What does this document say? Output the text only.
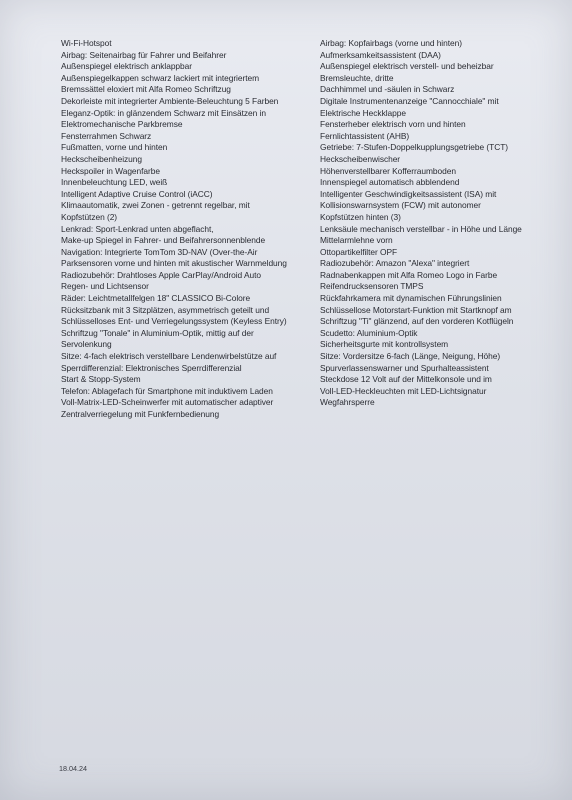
Wi-Fi-Hotspot
Airbag: Seitenairbag für Fahrer und Beifahrer
Außenspiegel elektrisch anklappbar
Außenspiegelkappen schwarz lackiert mit integriertem
Bremssättel eloxiert mit Alfa Romeo Schriftzug
Dekorleiste mit integrierter Ambiente-Beleuchtung 5 Farben
Eleganz-Optik: in glänzendem Schwarz mit Einsätzen in
Elektromechanische Parkbremse
Fensterrahmen Schwarz
Fußmatten, vorne und hinten
Heckscheibenheizung
Heckspoiler in Wagenfarbe
Innenbeleuchtung LED, weiß
Intelligent Adaptive Cruise Control (iACC)
Klimaautomatik, zwei Zonen - getrennt regelbar, mit
Kopfstützen (2)
Lenkrad: Sport-Lenkrad unten abgeflacht,
Make-up Spiegel in Fahrer- und Beifahrersonnenblende
Navigation: Integrierte TomTom 3D-NAV (Over-the-Air
Parksensoren vorne und hinten mit akustischer Warnmeldung
Radiozubehör: Drahtloses Apple CarPlay/Android Auto
Regen- und Lichtsensor
Räder: Leichtmetallfelgen 18" CLASSICO Bi-Colore
Rücksitzbank mit 3 Sitzplätzen, asymmetrisch geteilt und
Schlüsselloses Ent- und Verriegelungssystem (Keyless Entry)
Schriftzug "Tonale" in Aluminium-Optik, mittig auf der
Servolenkung
Sitze: 4-fach elektrisch verstellbare Lendenwirbelstütze auf
Sperrdifferenzial: Elektronisches Sperrdifferenzial
Start & Stopp-System
Telefon: Ablagefach für Smartphone mit induktivem Laden
Voll-Matrix-LED-Scheinwerfer mit automatischer adaptiver
Zentralverriegelung mit Funkfernbedienung
Airbag: Kopfairbags (vorne und hinten)
Aufmerksamkeitsassistent (DAA)
Außenspiegel elektrisch verstell- und beheizbar
Bremsleuchte, dritte
Dachhimmel und -säulen in Schwarz
Digitale Instrumentenanzeige "Cannocchiale" mit
Elektrische Heckklappe
Fensterheber elektrisch vorn und hinten
Fernlichtassistent (AHB)
Getriebe: 7-Stufen-Doppelkupplungsgetriebe (TCT)
Heckscheibenwischer
Höhenverstellbarer Kofferraumboden
Innenspiegel automatisch abblendend
Intelligenter Geschwindigkeitsassistent (ISA) mit
Kollisionswarnsystem (FCW) mit autonomer
Kopfstützen hinten (3)
Lenksäule mechanisch verstellbar - in Höhe und Länge
Mittelarmlehne vorn
Ottopartikelfilter OPF
Radiozubehör: Amazon "Alexa" integriert
Radnabenkappen mit Alfa Romeo Logo in Farbe
Reifendrucksensoren TMPS
Rückfahrkamera mit dynamischen Führungslinien
Schlüssellose Motorstart-Funktion mit Startknopf am
Schriftzug "Ti" glänzend, auf den vorderen Kotflügeln
Scudetto: Aluminium-Optik
Sicherheitsgurte mit kontrollsystem
Sitze: Vordersitze 6-fach (Länge, Neigung, Höhe)
Spurverlassenswarner und Spurhalteassistent
Steckdose 12 Volt auf der Mittelkonsole und im
Voll-LED-Heckleuchten mit LED-Lichtsignatur
Wegfahrsperre
18.04.24
